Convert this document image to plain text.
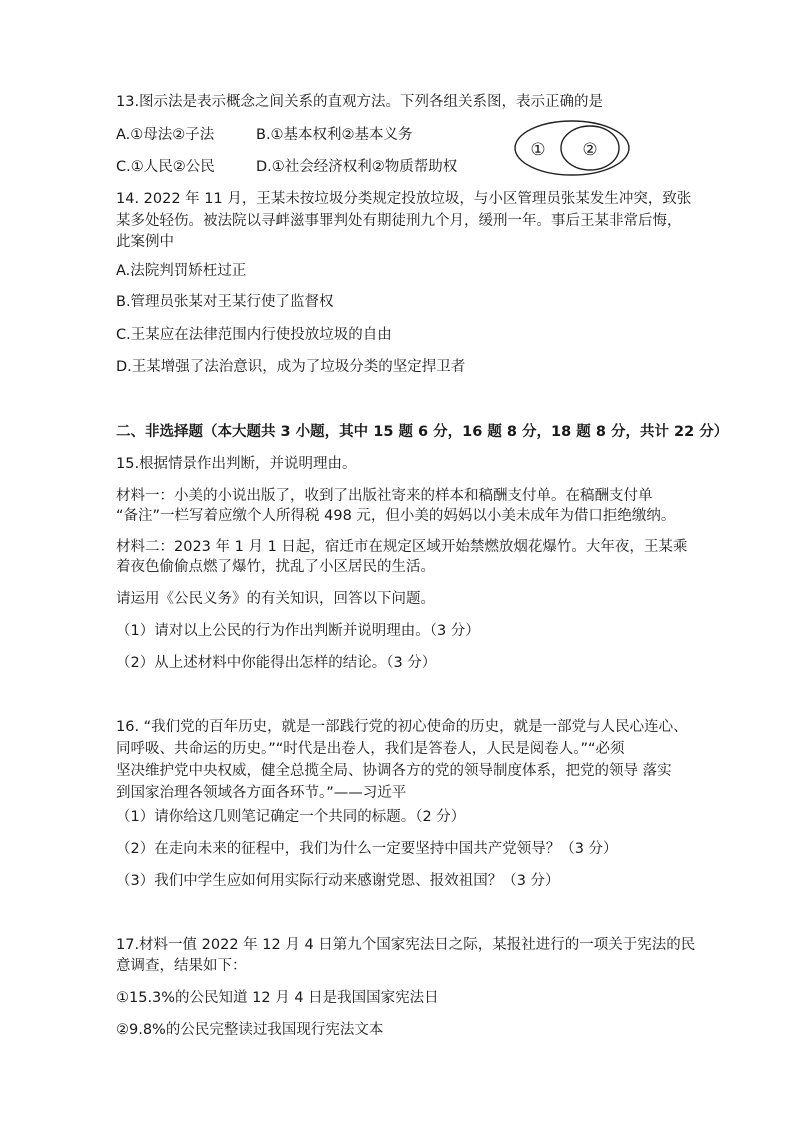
13.图示法是表示概念之间关系的直观方法。下列各组关系图，表示正确的是
A.①母法②子法	B.①基本权利②基本义务
C.①人民②公民	D.①社会经济权利②物质帮助权
① ②
14. 2022 年 11 月，王某未按垃圾分类规定投放垃圾，与小区管理员张某发生冲突，致张
某多处轻伤。被法院以寻衅滋事罪判处有期徒刑九个月，缓刑一年。事后王某非常后悔，
此案例中
A.法院判罚矫枉过正
B.管理员张某对王某行使了监督权
C.王某应在法律范围内行使投放垃圾的自由
D.王某增强了法治意识，成为了垃圾分类的坚定捍卫者
二、非选择题（本大题共 3 小题，其中 15 题 6 分，16 题 8 分，18 题 8 分，共计 22 分）
15.根据情景作出判断，并说明理由。
材料一：小美的小说出版了，收到了出版社寄来的样本和稿酬支付单。在稿酬支付单
“备注”一栏写着应缴个人所得税 498 元，但小美的妈妈以小美未成年为借口拒绝缴纳。
材料二：2023 年 1 月 1 日起，宿迁市在规定区域开始禁燃放烟花爆竹。大年夜，王某乘
着夜色偷偷点燃了爆竹，扰乱了小区居民的生活。
请运用《公民义务》的有关知识，回答以下问题。
（1）请对以上公民的行为作出判断并说明理由。（3 分）
（2）从上述材料中你能得出怎样的结论。（3 分）
16. “我们党的百年历史，就是一部践行党的初心使命的历史，就是一部党与人民心连心、
同呼吸、共命运的历史。”“时代是出卷人，我们是答卷人，人民是阅卷人。”“必须
坚决维护党中央权威，健全总揽全局、协调各方的党的领导制度体系，把党的领导 落实
到国家治理各领域各方面各环节。”——习近平
（1）请你给这几则笔记确定一个共同的标题。（2 分）
（2）在走向未来的征程中，我们为什么一定要坚持中国共产党领导？（3 分）
（3）我们中学生应如何用实际行动来感谢党恩、报效祖国？（3 分）
17.材料一值 2022 年 12 月 4 日第九个国家宪法日之际，某报社进行的一项关于宪法的民
意调查，结果如下：
①15.3%的公民知道 12 月 4 日是我国国家宪法日
②9.8%的公民完整读过我国现行宪法文本
